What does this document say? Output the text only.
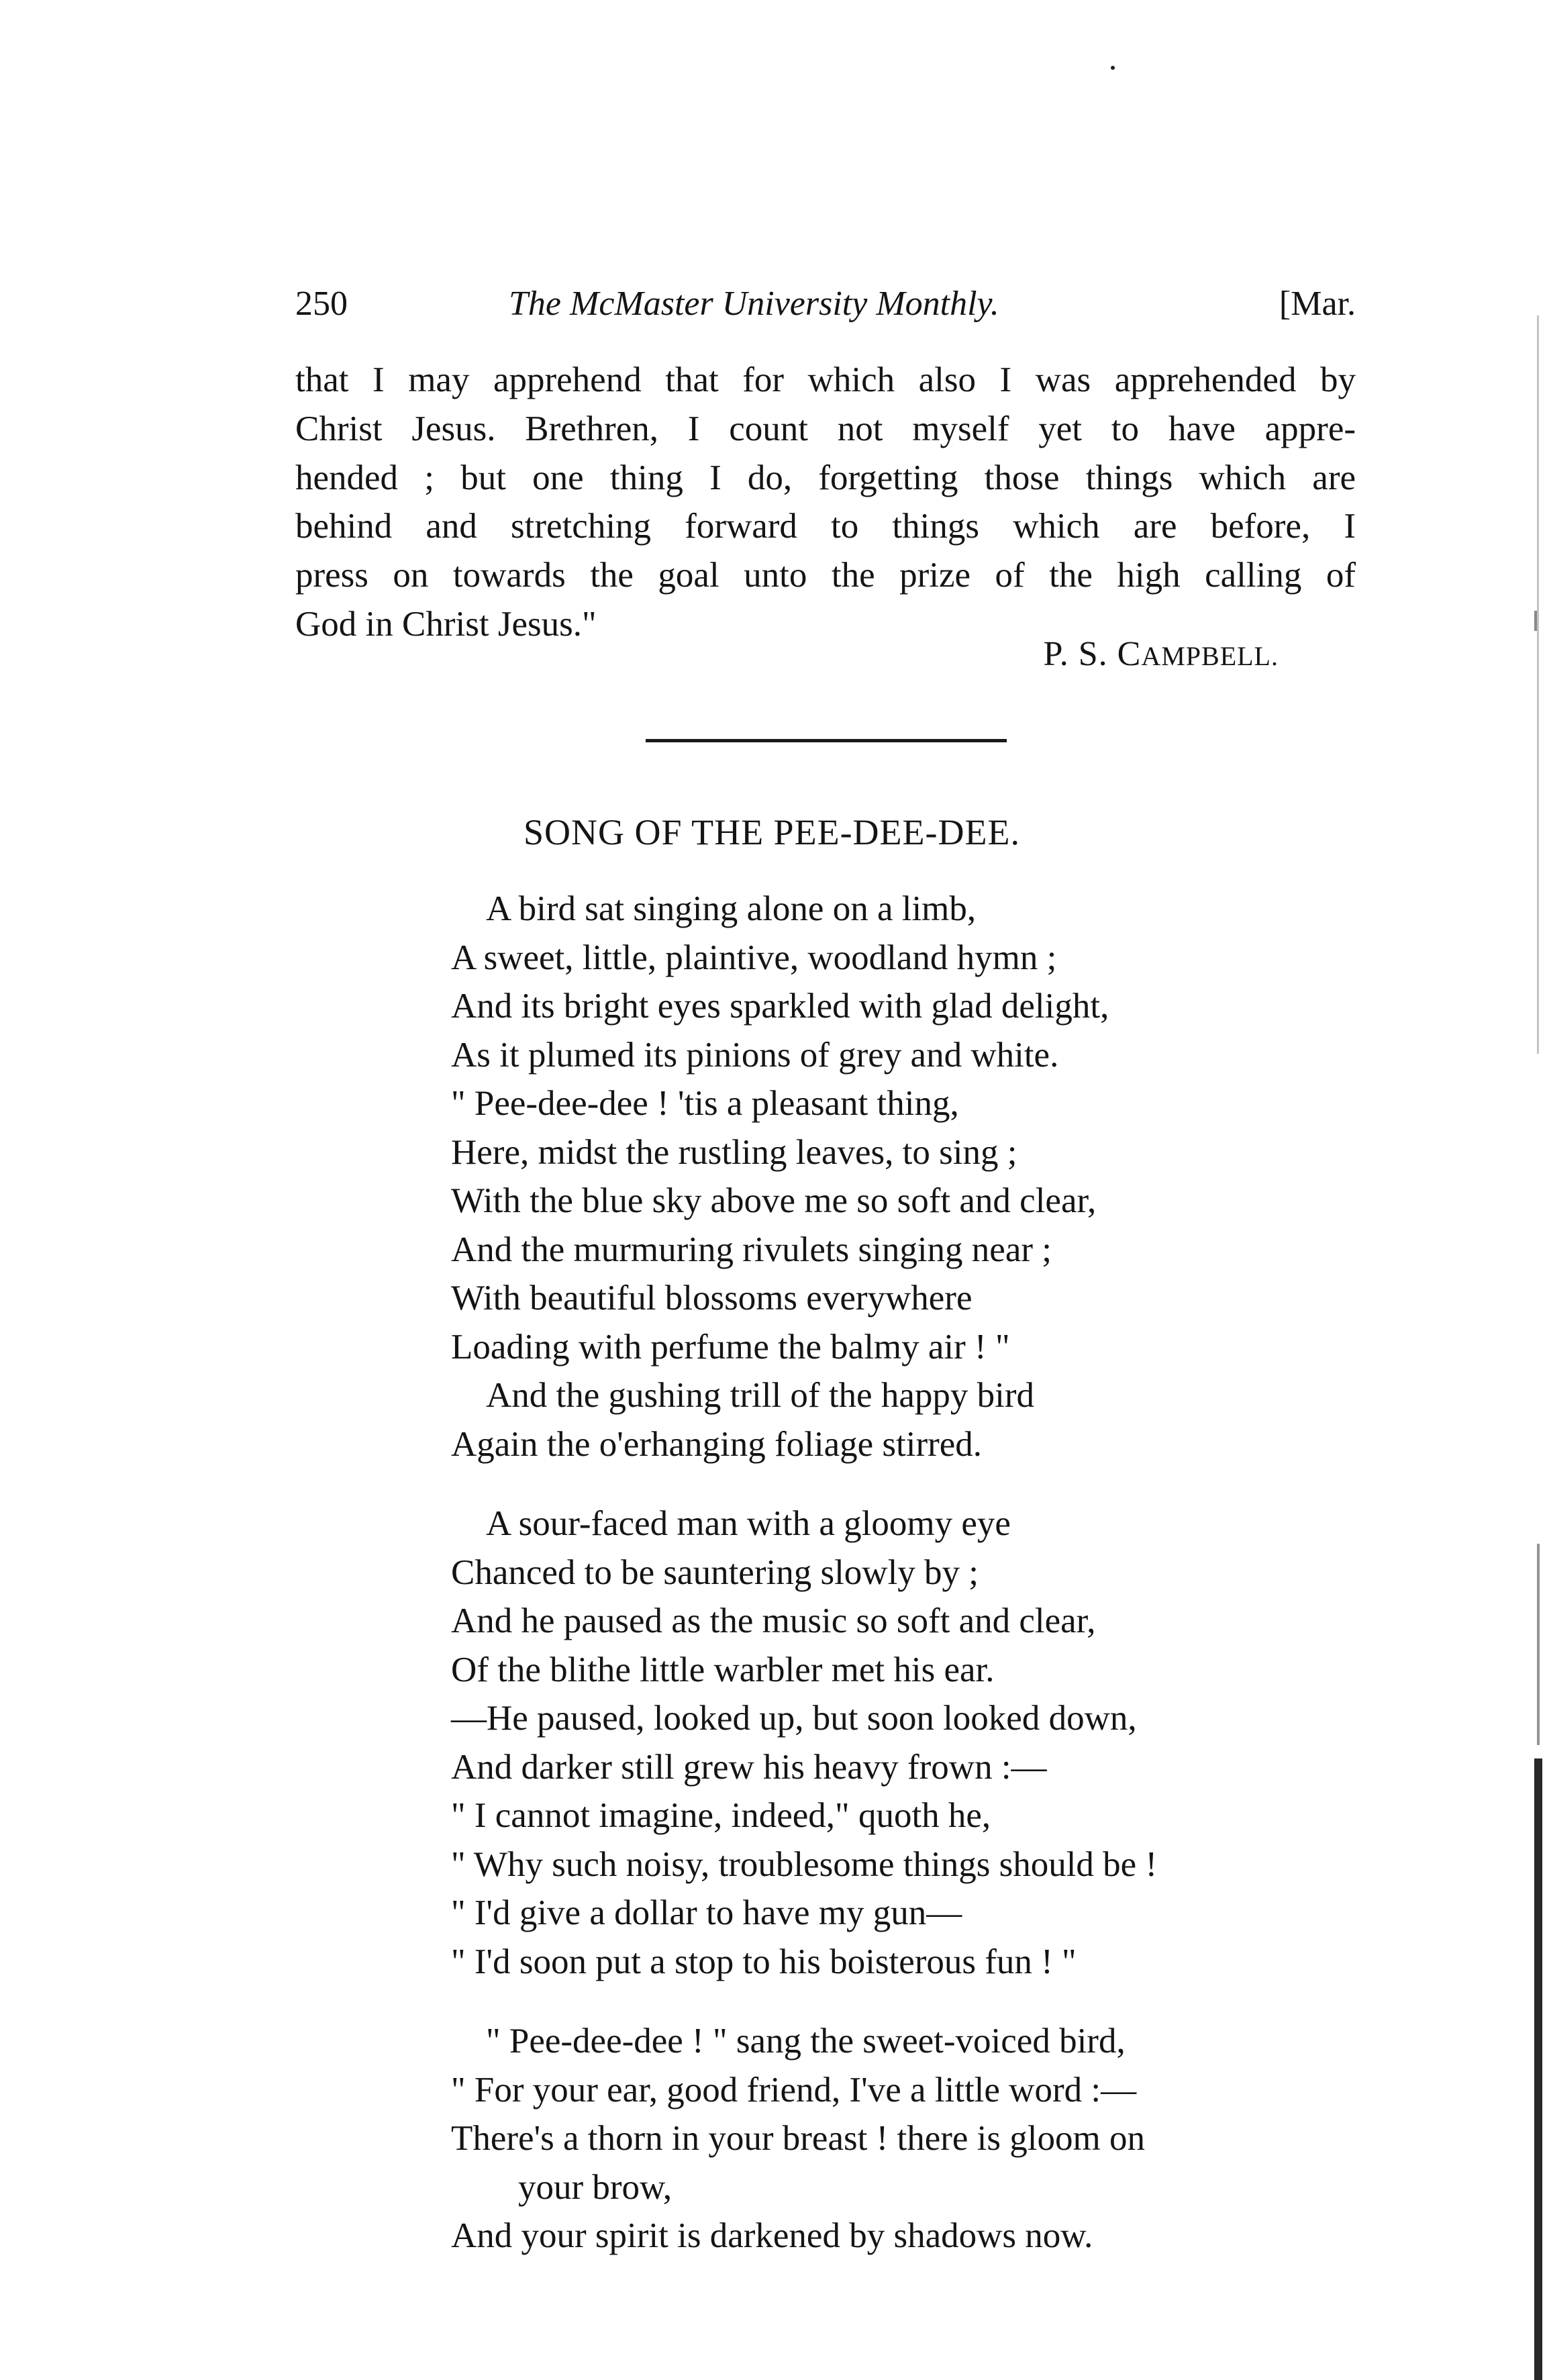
250	The McMaster University Monthly.	[Mar.
that I may apprehend that for which also I was apprehended by
Christ Jesus. Brethren, I count not myself yet to have appre-
hended ; but one thing I do, forgetting those things which are
behind and stretching forward to things which are before, I
press on towards the goal unto the prize of the high calling of
God in Christ Jesus."
P. S. CAMPBELL.
SONG OF THE PEE-DEE-DEE.
A bird sat singing alone on a limb,
A sweet, little, plaintive, woodland hymn ;
And its bright eyes sparkled with glad delight,
As it plumed its pinions of grey and white.
" Pee-dee-dee ! 'tis a pleasant thing,
Here, midst the rustling leaves, to sing ;
With the blue sky above me so soft and clear,
And the murmuring rivulets singing near ;
With beautiful blossoms everywhere
Loading with perfume the balmy air ! "
And the gushing trill of the happy bird
Again the o'erhanging foliage stirred.
A sour-faced man with a gloomy eye
Chanced to be sauntering slowly by ;
And he paused as the music so soft and clear,
Of the blithe little warbler met his ear.
—He paused, looked up, but soon looked down,
And darker still grew his heavy frown :—
" I cannot imagine, indeed," quoth he,
" Why such noisy, troublesome things should be !
" I'd give a dollar to have my gun—
" I'd soon put a stop to his boisterous fun ! "
" Pee-dee-dee ! " sang the sweet-voiced bird,
" For your ear, good friend, I've a little word :—
There's a thorn in your breast ! there is gloom on
your brow,
And your spirit is darkened by shadows now.
